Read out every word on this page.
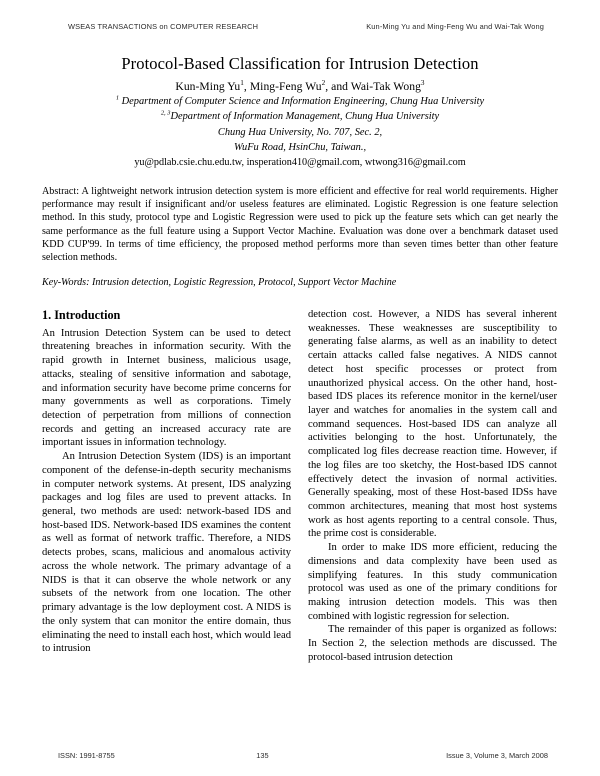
WSEAS TRANSACTIONS on COMPUTER RESEARCH	Kun-Ming Yu and Ming-Feng Wu and Wai-Tak Wong
Protocol-Based Classification for Intrusion Detection
Kun-Ming Yu$^1$, Ming-Feng Wu$^2$, and Wai-Tak Wong$^3$
$^1$ Department of Computer Science and Information Engineering, Chung Hua University
$^{2, 3}$Department of Information Management, Chung Hua University
Chung Hua University, No. 707, Sec. 2,
WuFu Road, HsinChu, Taiwan.,
yu@pdlab.csie.chu.edu.tw, insperation410@gmail.com, wtwong316@gmail.com
Abstract: A lightweight network intrusion detection system is more efficient and effective for real world requirements. Higher performance may result if insignificant and/or useless features are eliminated. Logistic Regression is one feature selection method. In this study, protocol type and Logistic Regression were used to pick up the feature sets which can get nearly the same performance as the full feature using a Support Vector Machine. Evaluation was done over a benchmark dataset used KDD CUP'99. In terms of time efficiency, the proposed method performs more than seven times better than other feature selection methods.
Key-Words: Intrusion detection, Logistic Regression, Protocol, Support Vector Machine
1. Introduction

An Intrusion Detection System can be used to detect threatening breaches in information security. With the rapid growth in Internet business, malicious usage, attacks, stealing of sensitive information and sabotage, and information security have become prime concerns for many governments as well as corporations. Timely detection of perpetration from millions of connection records and getting an increased accuracy rate are important issues in information technology.

An Intrusion Detection System (IDS) is an important component of the defense-in-depth security mechanisms in computer network systems. At present, IDS analyzing packages and log files are used to prevent attacks. In general, two methods are used: network-based IDS and host-based IDS. Network-based IDS examines the content as well as format of network traffic. Therefore, a NIDS detects probes, scans, malicious and anomalous activity across the whole network. The primary advantage of a NIDS is that it can observe the whole network or any subsets of the network from one location. The other primary advantage is the low deployment cost. A NIDS is the only system that can monitor the entire domain, thus eliminating the need to install each host, which would lead to intrusion

detection cost. However, a NIDS has several inherent weaknesses. These weaknesses are susceptibility to generating false alarms, as well as an inability to detect certain attacks called false negatives. A NIDS cannot detect host specific processes or protect from unauthorized physical access. On the other hand, host-based IDS places its reference monitor in the kernel/user layer and watches for anomalies in the system call and command sequences. Host-based IDS can analyze all activities belonging to the host. Unfortunately, the complicated log files decrease reaction time. However, if the log files are too sketchy, the Host-based IDS cannot effectively detect the invasion of normal activities. Generally speaking, most of these Host-based IDSs have common architectures, meaning that most host systems work as host agents reporting to a central console. Thus, the prime cost is considerable.

In order to make IDS more efficient, reducing the dimensions and data complexity have been used as simplifying features. In this study communication protocol was used as one of the primary conditions for making intrusion detection models. This was then combined with logistic regression for selection.

The remainder of this paper is organized as follows: In Section 2, the selection methods are discussed. The protocol-based intrusion detection

ISSN: 1991-8755	135	Issue 3, Volume 3, March 2008
